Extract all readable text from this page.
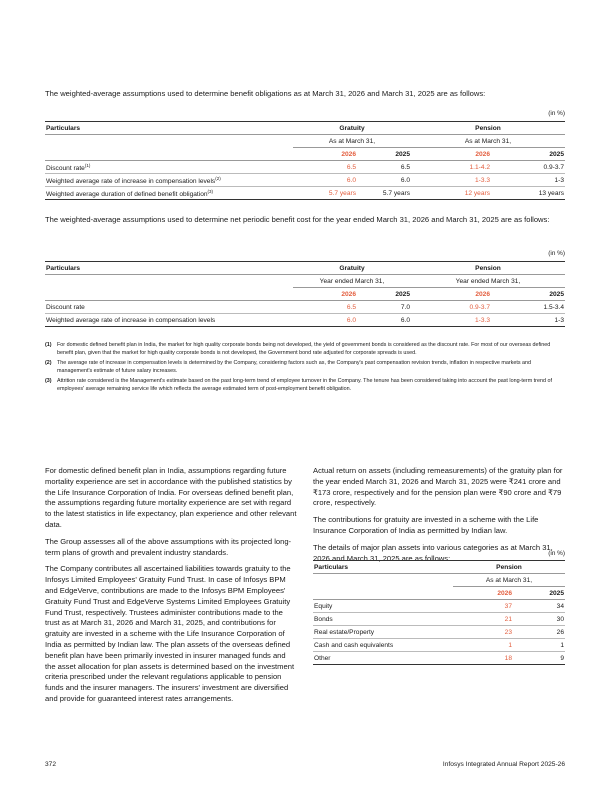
The weighted-average assumptions used to determine benefit obligations as at March 31, 2026 and March 31, 2025 are as follows:
(in %)
Particulars	Gratuity		Pension	
	As at March 31,		As at March 31,	
	2026	2025	2026	2025
Discount rate$^{(1)}$	6.5	6.5	1.1-4.2	0.9-3.7
Weighted average rate of increase in compensation levels$^{(2)}$	6.0	6.0	1-3.3	1-3
Weighted average duration of defined benefit obligation$^{(3)}$	5.7 years	5.7 years	12 years	13 years
The weighted-average assumptions used to determine net periodic benefit cost for the year ended March 31, 2026 and March 31, 2025 are as follows:
(in %)
Particulars	Gratuity		Pension	
	Year ended March 31,		Year ended March 31,	
	2026	2025	2026	2025
Discount rate	6.5	7.0	0.9-3.7	1.5-3.4
Weighted average rate of increase in compensation levels	6.0	6.0	1-3.3	1-3
(1)	For domestic defined benefit plan in India, the market for high quality corporate bonds being not developed, the yield of government bonds is considered as the discount rate. For most of our overseas defined benefit plan, given that the market for high quality corporate bonds is not developed, the Government bond rate adjusted for corporate spreads is used.
(2)	The average rate of increase in compensation levels is determined by the Company, considering factors such as, the Company's past compensation revision trends, inflation in respective markets and management's estimate of future salary increases.
(3)	Attrition rate considered is the Management's estimate based on the past long-term trend of employee turnover in the Company. The tenure has been considered taking into account the past long-term trend of employees' average remaining service life which reflects the average estimated term of post-employment benefit obligation.

For domestic defined benefit plan in India, assumptions regarding future mortality experience are set in accordance with the published statistics by the Life Insurance Corporation of India. For overseas defined benefit plan, the assumptions regarding future mortality experience are set with regard to the latest statistics in life expectancy, plan experience and other relevant data.

The Group assesses all of the above assumptions with its projected long-term plans of growth and prevalent industry standards.

The Company contributes all ascertained liabilities towards gratuity to the Infosys Limited Employees' Gratuity Fund Trust. In case of Infosys BPM and EdgeVerve, contributions are made to the Infosys BPM Employees' Gratuity Fund Trust and EdgeVerve Systems Limited Employees Gratuity Fund Trust, respectively. Trustees administer contributions made to the trust as at March 31, 2026 and March 31, 2025, and contributions for gratuity are invested in a scheme with the Life Insurance Corporation of India as permitted by Indian law. The plan assets of the overseas defined benefit plan have been primarily invested in insurer managed funds and the asset allocation for plan assets is determined based on the investment criteria prescribed under the relevant regulations applicable to pension funds and the insurer managers. The insurers' investment are diversified and provide for guaranteed interest rates arrangements.

Actual return on assets (including remeasurements) of the gratuity plan for the year ended March 31, 2026 and March 31, 2025 were ₹241 crore and ₹173 crore, respectively and for the pension plan were ₹90 crore and ₹79 crore, respectively.

The contributions for gratuity are invested in a scheme with the Life Insurance Corporation of India as permitted by Indian law.

The details of major plan assets into various categories as at March 31, 2026 and March 31, 2025 are as follows:

(in %)
Particulars	Pension	
	As at March 31,	
	2026	2025
Equity	37	34
Bonds	21	30
Real estate/Property	23	26
Cash and cash equivalents	1	1
Other	18	9
372	Infosys Integrated Annual Report 2025-26
